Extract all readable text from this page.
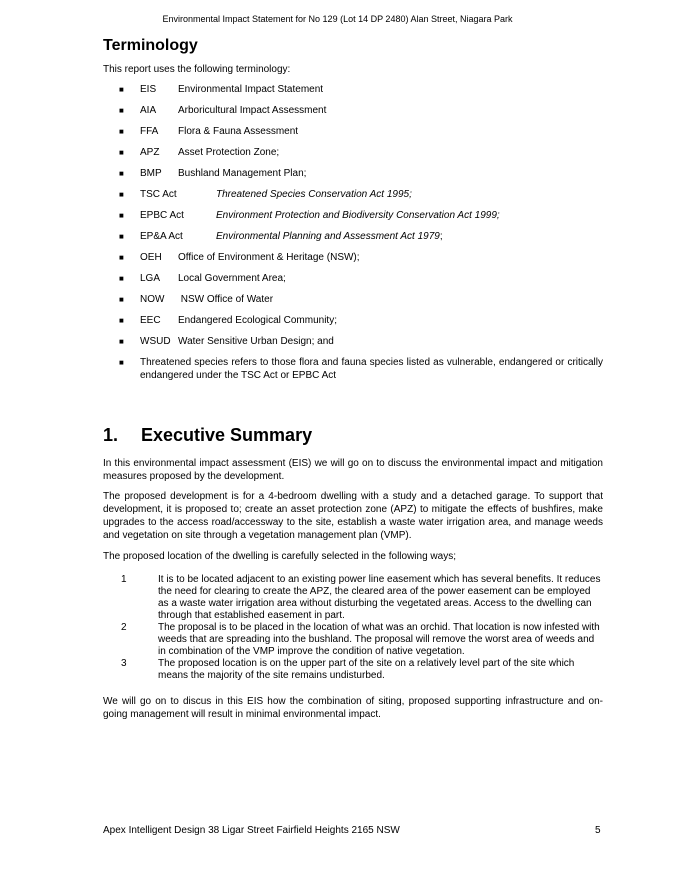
Environmental Impact Statement for No 129 (Lot 14 DP 2480) Alan Street, Niagara Park
Terminology

This report uses the following terminology:

■ EIS Environmental Impact Statement
■ AIA Arboricultural Impact Assessment
■ FFA Flora & Fauna Assessment
■ APZ Asset Protection Zone;
■ BMP Bushland Management Plan;
■ TSC Act	Threatened Species Conservation Act 1995;
■ EPBC Act	Environment Protection and Biodiversity Conservation Act 1999;
■ EP&A Act	Environmental Planning and Assessment Act 1979;
■ OEH Office of Environment & Heritage (NSW);
■ LGA Local Government Area;
■ NOW NSW Office of Water
■ EEC Endangered Ecological Community;
■ WSUD Water Sensitive Urban Design; and
■ Threatened species refers to those flora and fauna species listed as vulnerable, endangered or critically endangered under the TSC Act or EPBC Act
1. Executive Summary

In this environmental impact assessment (EIS) we will go on to discuss the environmental impact and mitigation measures proposed by the development.

The proposed development is for a 4-bedroom dwelling with a study and a detached garage. To support that development, it is proposed to; create an asset protection zone (APZ) to mitigate the effects of bushfires, make upgrades to the access road/accessway to the site, establish a waste water irrigation area, and manage weeds and vegetation on site through a vegetation management plan (VMP).

The proposed location of the dwelling is carefully selected in the following ways;

1	It is to be located adjacent to an existing power line easement which has several benefits. It reduces the need for clearing to create the APZ, the cleared area of the power easement can be employed as a waste water irrigation area without disturbing the vegetated areas. Access to the dwelling can through that established easement in part.
2	The proposal is to be placed in the location of what was an orchid. That location is now infested with weeds that are spreading into the bushland. The proposal will remove the worst area of weeds and in combination of the VMP improve the condition of native vegetation.
3	The proposed location is on the upper part of the site on a relatively level part of the site which means the majority of the site remains undisturbed.

We will go on to discus in this EIS how the combination of siting, proposed supporting infrastructure and on-going management will result in minimal environmental impact.

Apex Intelligent Design 38 Ligar Street Fairfield Heights 2165 NSW	5
